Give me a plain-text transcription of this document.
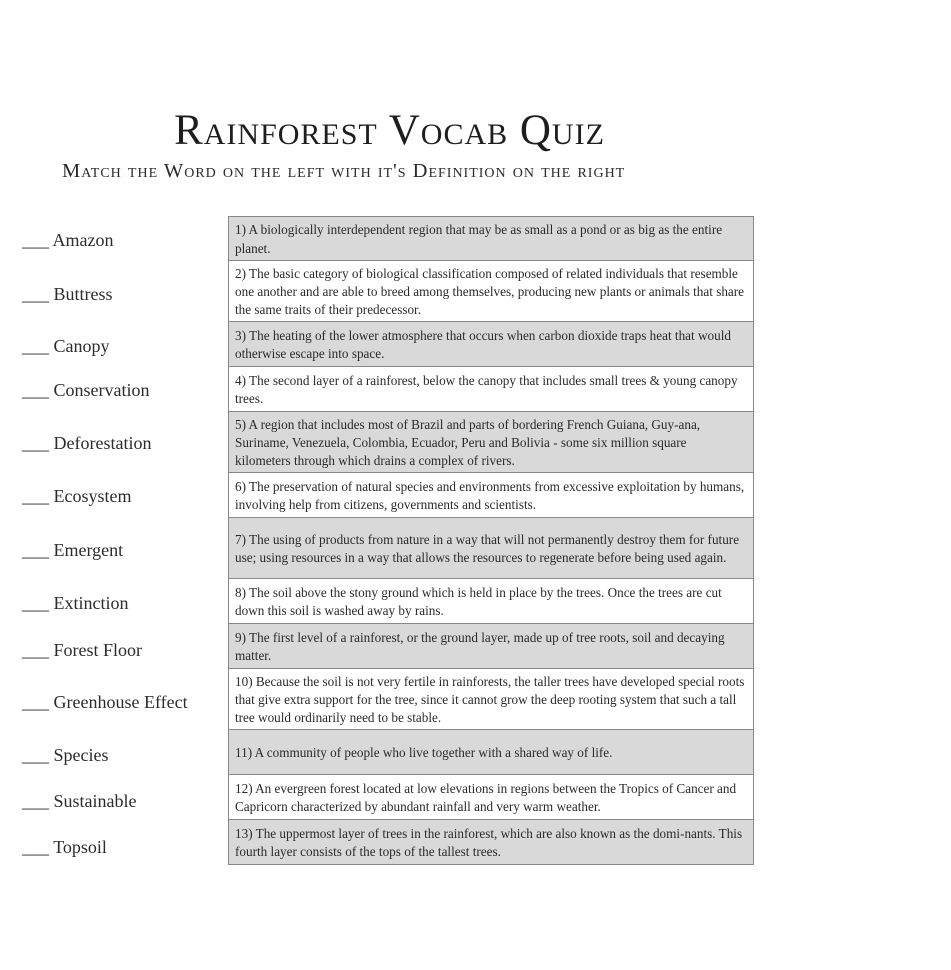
Rainforest Vocab Quiz

Match the Word on the left with it's Definition on the right

___ Amazon
___ Buttress
___ Canopy
___ Conservation
___ Deforestation
___ Ecosystem
___ Emergent
___ Extinction
___ Forest Floor
___ Greenhouse Effect
___ Species
___ Sustainable
___ Topsoil
1) A biologically interdependent region that may be as small as a pond or as big as the entire planet.
2) The basic category of biological classification composed of related individuals that resemble one another and are able to breed among themselves, producing new plants or animals that share the same traits of their predecessor.
3) The heating of the lower atmosphere that occurs when carbon dioxide traps heat that would otherwise escape into space.
4) The second layer of a rainforest, below the canopy that includes small trees & young canopy trees.
5) A region that includes most of Brazil and parts of bordering French Guiana, Guy-ana, Suriname, Venezuela, Colombia, Ecuador, Peru and Bolivia - some six million square kilometers through which drains a complex of rivers.
6) The preservation of natural species and environments from excessive exploitation by humans, involving help from citizens, governments and scientists.
7) The using of products from nature in a way that will not permanently destroy them for future use; using resources in a way that allows the resources to regenerate before being used again.
8) The soil above the stony ground which is held in place by the trees. Once the trees are cut down this soil is washed away by rains.
9) The first level of a rainforest, or the ground layer, made up of tree roots, soil and decaying matter.
10) Because the soil is not very fertile in rainforests, the taller trees have developed special roots that give extra support for the tree, since it cannot grow the deep rooting system that such a tall tree would ordinarily need to be stable.
11) A community of people who live together with a shared way of life.
12) An evergreen forest located at low elevations in regions between the Tropics of Cancer and Capricorn characterized by abundant rainfall and very warm weather.
13) The uppermost layer of trees in the rainforest, which are also known as the domi-nants. This fourth layer consists of the tops of the tallest trees.
